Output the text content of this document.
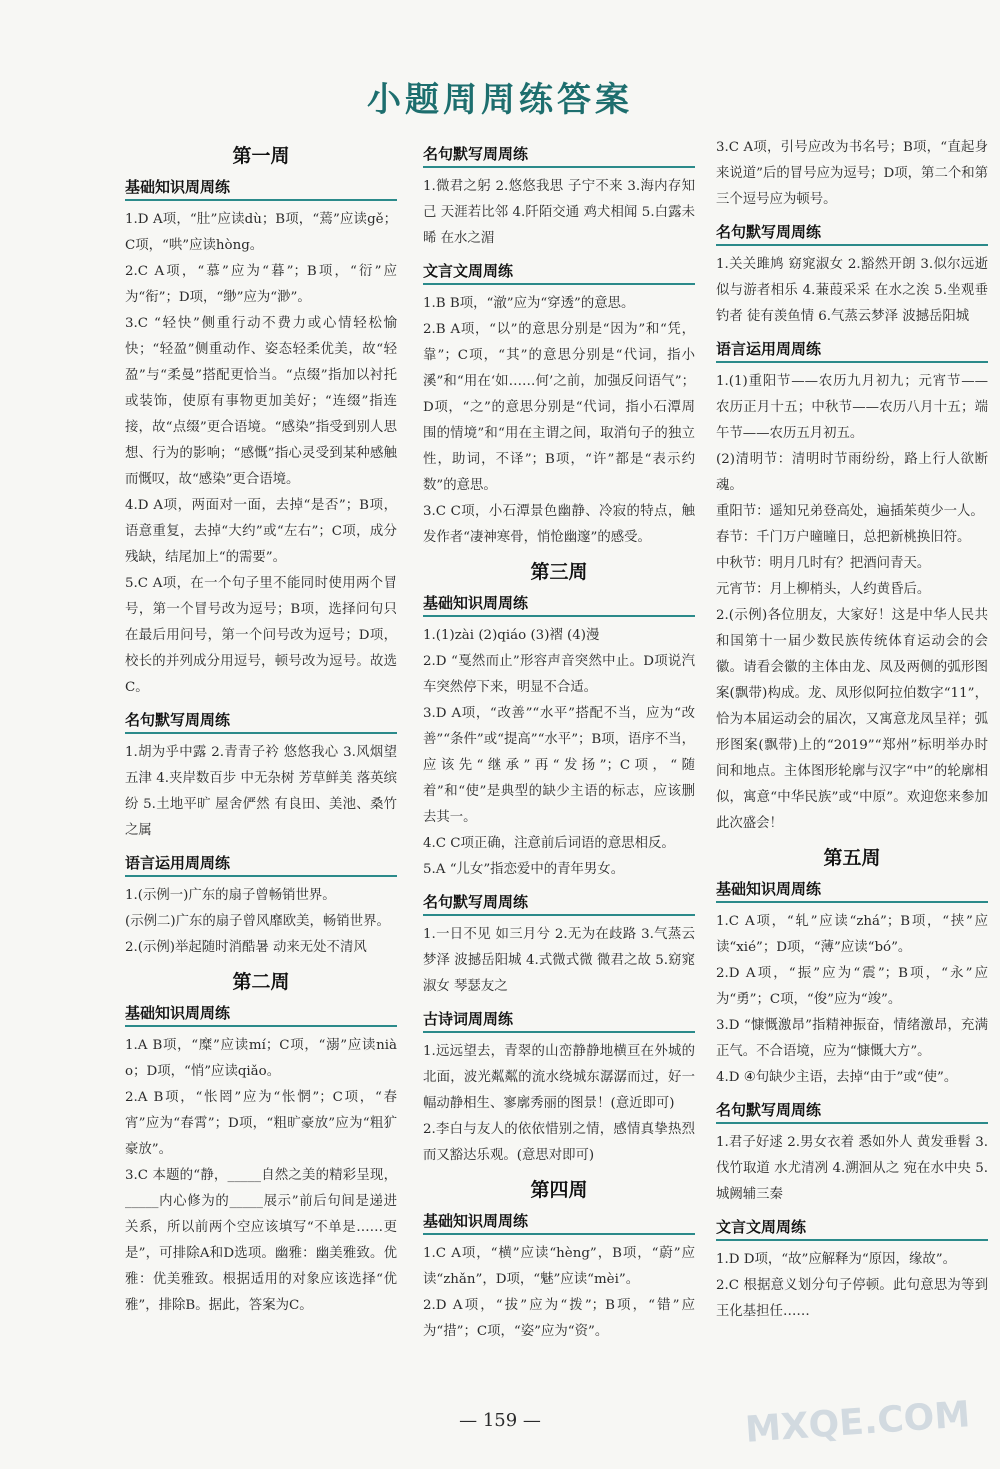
小题周周练答案
第一周
基础知识周周练

1.D A项，“肚”应读dù；B项，“蔫”应读gě；C项，“哄”应读hòng。

2.C A项，“慕”应为“暮”；B项，“衍”应为“衔”；D项，“缈”应为“渺”。

3.C “轻快”侧重行动不费力或心情轻松愉快；“轻盈”侧重动作、姿态轻柔优美，故“轻盈”与“柔曼”搭配更恰当。“点缀”指加以衬托或装饰，使原有事物更加美好；“连缀”指连接，故“点缀”更合语境。“感染”指受到别人思想、行为的影响；“感慨”指心灵受到某种感触而慨叹，故“感染”更合语境。

4.D A项，两面对一面，去掉“是否”；B项，语意重复，去掉“大约”或“左右”；C项，成分残缺，结尾加上“的需要”。

5.C A项，在一个句子里不能同时使用两个冒号，第一个冒号改为逗号；B项，选择问句只在最后用问号，第一个问号改为逗号；D项，校长的并列成分用逗号，顿号改为逗号。故选C。

名句默写周周练

1.胡为乎中露 2.青青子衿 悠悠我心 3.风烟望五津 4.夹岸数百步 中无杂树 芳草鲜美 落英缤纷 5.土地平旷 屋舍俨然 有良田、美池、桑竹之属

语言运用周周练

1.(示例一)广东的扇子曾畅销世界。

(示例二)广东的扇子曾风靡欧美，畅销世界。

2.(示例)举起随时消酷暑 动来无处不清风

第二周
基础知识周周练

1.A B项，“糜”应读mí；C项，“溺”应读niào；D项，“悄”应读qiǎo。

2.A B项，“怅罔”应为“怅惘”；C项，“春宵”应为“春霄”；D项，“粗旷豪放”应为“粗犷豪放”。

3.C 本题的“静，_____自然之美的精彩呈现，_____内心修为的_____展示”前后句间是递进关系，所以前两个空应该填写“不单是……更是”，可排除A和D选项。幽雅：幽美雅致。优雅：优美雅致。根据适用的对象应该选择“优雅”，排除B。据此，答案为C。

名句默写周周练

1.微君之躬 2.悠悠我思 子宁不来 3.海内存知己 天涯若比邻 4.阡陌交通 鸡犬相闻 5.白露未晞 在水之湄

文言文周周练

1.B B项，“澈”应为“穿透”的意思。

2.B A项，“以”的意思分别是“因为”和“凭，靠”；C项，“其”的意思分别是“代词，指小溪”和“用在‘如……何’之前，加强反问语气”；D项，“之”的意思分别是“代词，指小石潭周围的情境”和“用在主谓之间，取消句子的独立性，助词，不译”；B项，“许”都是“表示约数”的意思。

3.C C项，小石潭景色幽静、冷寂的特点，触发作者“凄神寒骨，悄怆幽邃”的感受。

第三周
基础知识周周练

1.(1)zài (2)qiáo (3)褶 (4)漫

2.D “戛然而止”形容声音突然中止。D项说汽车突然停下来，明显不合适。

3.D A项，“改善”“水平”搭配不当，应为“改善”“条件”或“提高”“水平”；B项，语序不当，应该先“继承”再“发扬”；C项，“随着”和“使”是典型的缺少主语的标志，应该删去其一。

4.C C项正确，注意前后词语的意思相反。

5.A “儿女”指恋爱中的青年男女。

名句默写周周练

1.一日不见 如三月兮 2.无为在歧路 3.气蒸云梦泽 波撼岳阳城 4.式微式微 微君之故 5.窈窕淑女 琴瑟友之

古诗词周周练

1.远远望去，青翠的山峦静静地横亘在外城的北面，波光粼粼的流水绕城东潺潺而过，好一幅动静相生、寥廓秀丽的图景！(意近即可)

2.李白与友人的依依惜别之情，感情真挚热烈而又豁达乐观。(意思对即可)

第四周
基础知识周周练

1.C A项，“横”应读“hèng”，B项，“蔚”应读“zhǎn”，D项，“魅”应读“mèi”。

2.D A项，“拔”应为“拨”；B项，“错”应为“措”；C项，“姿”应为“资”。

3.C A项，引号应改为书名号；B项，“直起身来说道”后的冒号应为逗号；D项，第二个和第三个逗号应为顿号。

名句默写周周练

1.关关雎鸠 窈窕淑女 2.豁然开朗 3.似尔远逝 似与游者相乐 4.蒹葭采采 在水之涘 5.坐观垂钓者 徒有羡鱼情 6.气蒸云梦泽 波撼岳阳城

语言运用周周练

1.(1)重阳节——农历九月初九；元宵节——农历正月十五；中秋节——农历八月十五；端午节——农历五月初五。

(2)清明节：清明时节雨纷纷，路上行人欲断魂。

重阳节：遥知兄弟登高处，遍插茱萸少一人。

春节：千门万户曈曈日，总把新桃换旧符。

中秋节：明月几时有？把酒问青天。

元宵节：月上柳梢头，人约黄昏后。

2.(示例)各位朋友，大家好！这是中华人民共和国第十一届少数民族传统体育运动会的会徽。请看会徽的主体由龙、凤及两侧的弧形图案(飘带)构成。龙、凤形似阿拉伯数字“11”，恰为本届运动会的届次，又寓意龙凤呈祥；弧形图案(飘带)上的“2019”“郑州”标明举办时间和地点。主体图形轮廓与汉字“中”的轮廓相似，寓意“中华民族”或“中原”。欢迎您来参加此次盛会！

第五周
基础知识周周练

1.C A项，“轧”应读“zhá”；B项，“挟”应读“xié”；D项，“薄”应读“bó”。

2.D A项，“振”应为“震”；B项，“永”应为“勇”；C项，“俊”应为“竣”。

3.D “慷慨激昂”指精神振奋，情绪激昂，充满正气。不合语境，应为“慷慨大方”。

4.D ④句缺少主语，去掉“由于”或“使”。

名句默写周周练

1.君子好逑 2.男女衣着 悉如外人 黄发垂髫 3.伐竹取道 水尤清冽 4.溯洄从之 宛在水中央 5.城阙辅三秦

文言文周周练

1.D D项，“故”应解释为“原因，缘故”。

2.C 根据意义划分句子停顿。此句意思为等到王化基担任……

— 159 —	MXQE.COM
